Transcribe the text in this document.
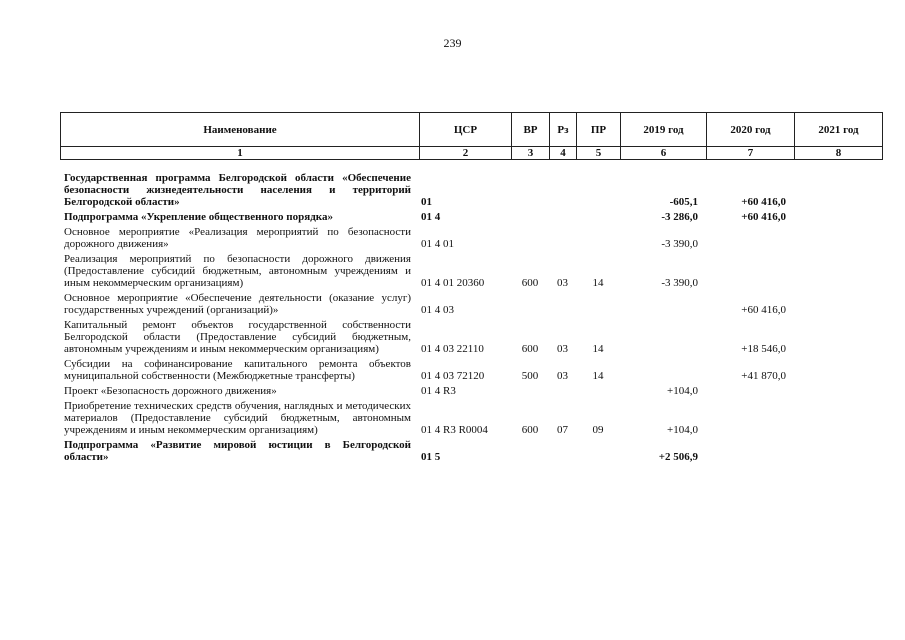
239
Наименование	ЦСР	ВР	Рз	ПР	2019 год	2020 год	2021 год
1	2	3	4	5	6	7	8
Государственная программа Белгородской области «Обеспечение безопасности жизнедеятельности населения и территорий Белгородской области»	01				-605,1	+60 416,0	
Подпрограмма «Укрепление общественного порядка»	01 4				-3 286,0	+60 416,0	
Основное мероприятие «Реализация мероприятий по безопасности дорожного движения»	01 4 01				-3 390,0		
Реализация мероприятий по безопасности дорожного движения (Предоставление субсидий бюджетным, автономным учреждениям и иным некоммерческим организациям)	01 4 01 20360	600	03	14	-3 390,0		
Основное мероприятие «Обеспечение деятельности (оказание услуг) государственных учреждений (организаций)»	01 4 03					+60 416,0	
Капитальный ремонт объектов государственной собственности Белгородской области (Предоставление субсидий бюджетным, автономным учреждениям и иным некоммерческим организациям)	01 4 03 22110	600	03	14		+18 546,0	
Субсидии на софинансирование капитального ремонта объектов муниципальной собственности (Межбюджетные трансферты)	01 4 03 72120	500	03	14		+41 870,0	
Проект «Безопасность дорожного движения»	01 4 R3				+104,0		
Приобретение технических средств обучения, наглядных и методических материалов (Предоставление субсидий бюджетным, автономным учреждениям и иным некоммерческим организациям)	01 4 R3 R0004	600	07	09	+104,0		
Подпрограмма «Развитие мировой юстиции в Белгородской области»	01 5				+2 506,9		
